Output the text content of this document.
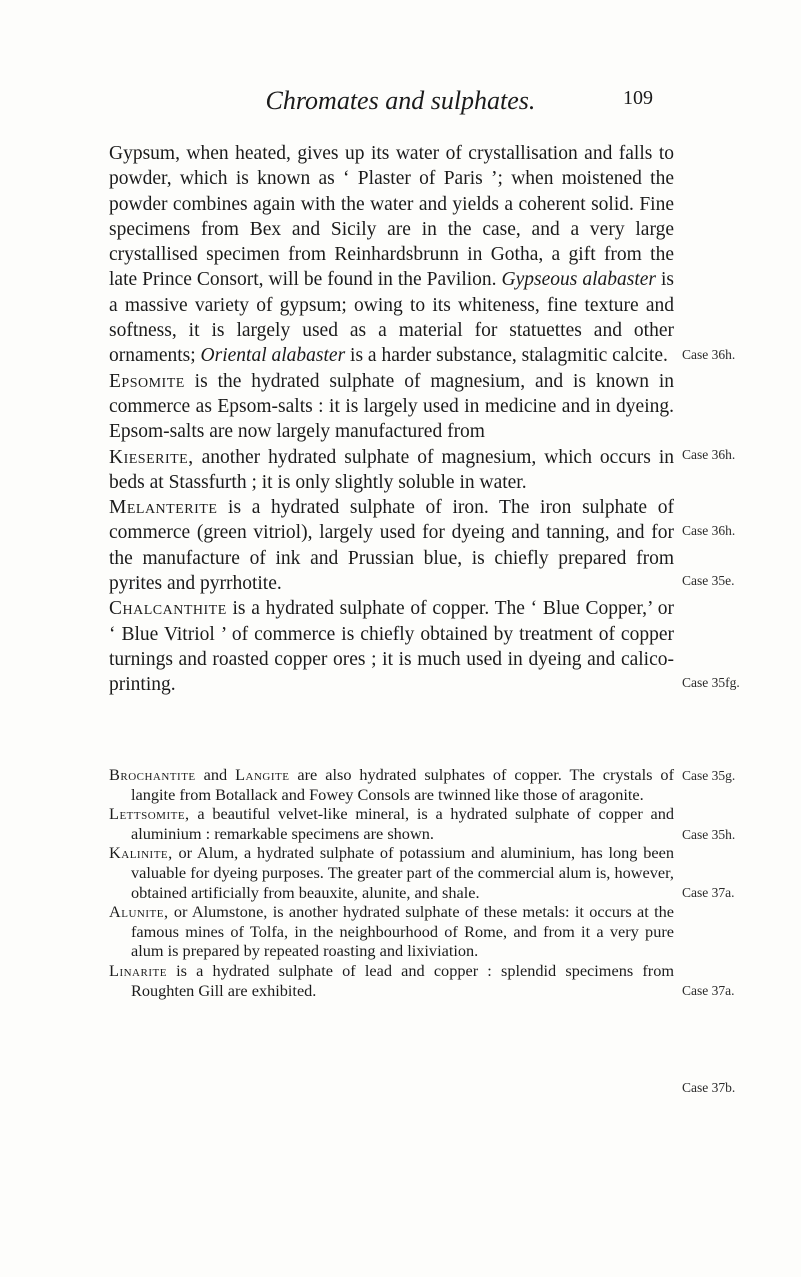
Chromates and sulphates.	109

Gypsum, when heated, gives up its water of crystallisation and falls to powder, which is known as ‘ Plaster of Paris ’; when moistened the powder combines again with the water and yields a coherent solid. Fine specimens from Bex and Sicily are in the case, and a very large crystallised specimen from Reinhardsbrunn in Gotha, a gift from the late Prince Consort, will be found in the Pavilion. Gypseous alabaster is a massive variety of gypsum; owing to its whiteness, fine texture and softness, it is largely used as a material for statuettes and other ornaments; Oriental alabaster is a harder substance, stalagmitic calcite.

Epsomite is the hydrated sulphate of magnesium, and is known in commerce as Epsom-salts : it is largely used in medicine and in dyeing. Epsom-salts are now largely manufactured from

Kieserite, another hydrated sulphate of magnesium, which occurs in beds at Stassfurth ; it is only slightly soluble in water.

Melanterite is a hydrated sulphate of iron. The iron sulphate of commerce (green vitriol), largely used for dyeing and tanning, and for the manufacture of ink and Prussian blue, is chiefly prepared from pyrites and pyrrhotite.

Chalcanthite is a hydrated sulphate of copper. The ‘ Blue Copper,’ or ‘ Blue Vitriol ’ of commerce is chiefly obtained by treatment of copper turnings and roasted copper ores ; it is much used in dyeing and calico-printing.

Brochantite and Langite are also hydrated sulphates of copper. The crystals of langite from Botallack and Fowey Consols are twinned like those of aragonite.

Lettsomite, a beautiful velvet-like mineral, is a hydrated sulphate of copper and aluminium : remarkable specimens are shown.

Kalinite, or Alum, a hydrated sulphate of potassium and aluminium, has long been valuable for dyeing purposes. The greater part of the commercial alum is, however, obtained artificially from beauxite, alunite, and shale.

Alunite, or Alumstone, is another hydrated sulphate of these metals: it occurs at the famous mines of Tolfa, in the neighbourhood of Rome, and from it a very pure alum is prepared by repeated roasting and lixiviation.

Linarite is a hydrated sulphate of lead and copper : splendid specimens from Roughten Gill are exhibited.

Case 36h.
Case 36h.
Case 36h.
Case 35e.
Case 35fg.
Case 35g.
Case 35h.
Case 37a.
Case 37a.
Case 37b.
